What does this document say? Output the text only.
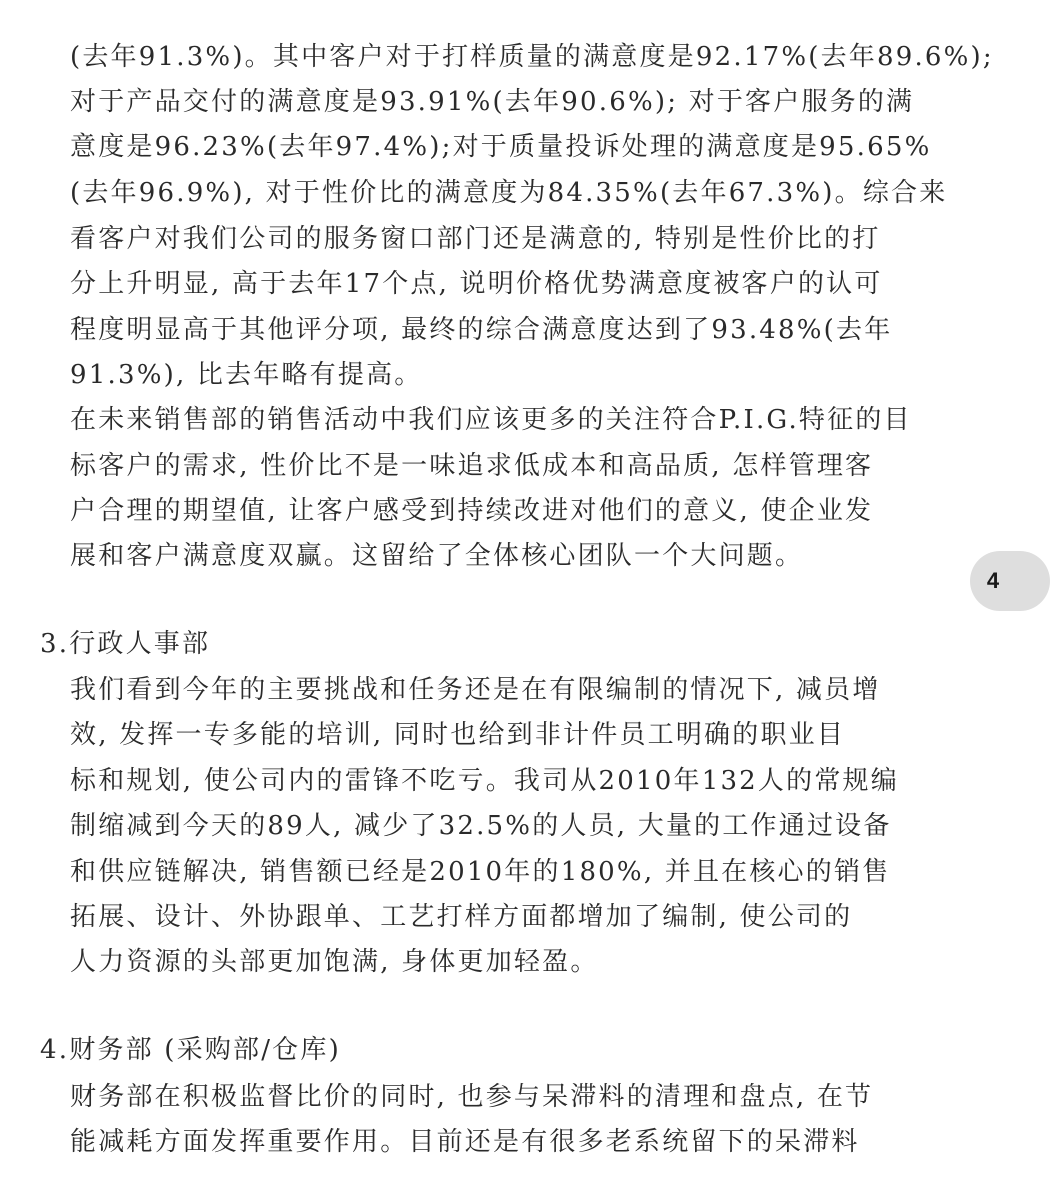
(去年91.3%)。其中客户对于打样质量的满意度是92.17%(去年89.6%);
对于产品交付的满意度是93.91%(去年90.6%); 对于客户服务的满
意度是96.23%(去年97.4%);对于质量投诉处理的满意度是95.65%
(去年96.9%), 对于性价比的满意度为84.35%(去年67.3%)。综合来
看客户对我们公司的服务窗口部门还是满意的, 特别是性价比的打
分上升明显, 高于去年17个点, 说明价格优势满意度被客户的认可
程度明显高于其他评分项, 最终的综合满意度达到了93.48%(去年
91.3%), 比去年略有提高。
在未来销售部的销售活动中我们应该更多的关注符合P.I.G.特征的目
标客户的需求, 性价比不是一味追求低成本和高品质, 怎样管理客
户合理的期望值, 让客户感受到持续改进对他们的意义, 使企业发
展和客户满意度双赢。这留给了全体核心团队一个大问题。
4
3.行政人事部
我们看到今年的主要挑战和任务还是在有限编制的情况下, 减员增
效, 发挥一专多能的培训, 同时也给到非计件员工明确的职业目
标和规划, 使公司内的雷锋不吃亏。我司从2010年132人的常规编
制缩减到今天的89人, 减少了32.5%的人员, 大量的工作通过设备
和供应链解决, 销售额已经是2010年的180%, 并且在核心的销售
拓展、设计、外协跟单、工艺打样方面都增加了编制, 使公司的
人力资源的头部更加饱满, 身体更加轻盈。
4.财务部 (采购部/仓库)
财务部在积极监督比价的同时, 也参与呆滞料的清理和盘点, 在节
能减耗方面发挥重要作用。目前还是有很多老系统留下的呆滞料
